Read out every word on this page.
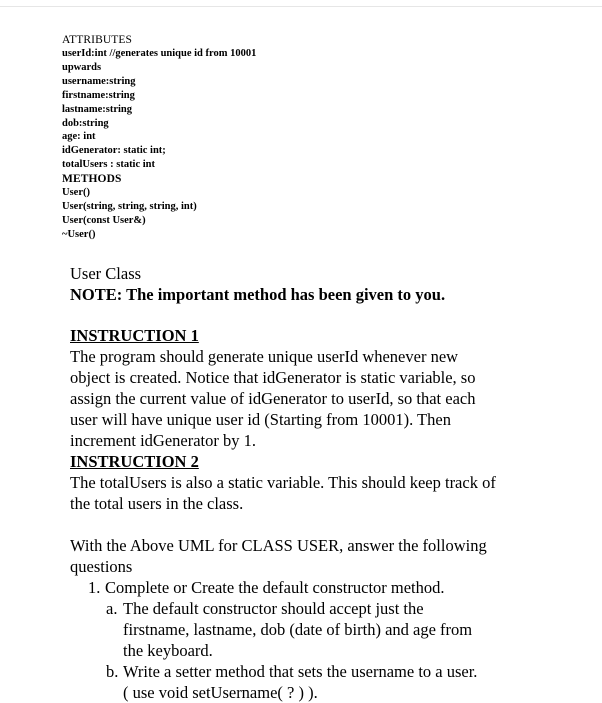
ATTRIBUTES
userId:int //generates unique id from 10001
upwards
username:string
firstname:string
lastname:string
dob:string
age: int
idGenerator: static int;
totalUsers : static int
METHODS
User()
User(string, string, string, int)
User(const User&)
~User()

User Class

NOTE: The important method has been given to you.

INSTRUCTION 1

The program should generate unique userId whenever new

object is created. Notice that idGenerator is static variable, so

assign the current value of idGenerator to userId, so that each

user will have unique user id (Starting from 10001). Then

increment idGenerator by 1.

INSTRUCTION 2

The totalUsers is also a static variable. This should keep track of

the total users in the class.

With the Above UML for CLASS USER, answer the following

questions

1. Complete or Create the default constructor method.

a. The default constructor should accept just the

firstname, lastname, dob (date of birth) and age from

the keyboard.

b. Write a setter method that sets the username to a user.

( use void setUsername( ? ) ).
